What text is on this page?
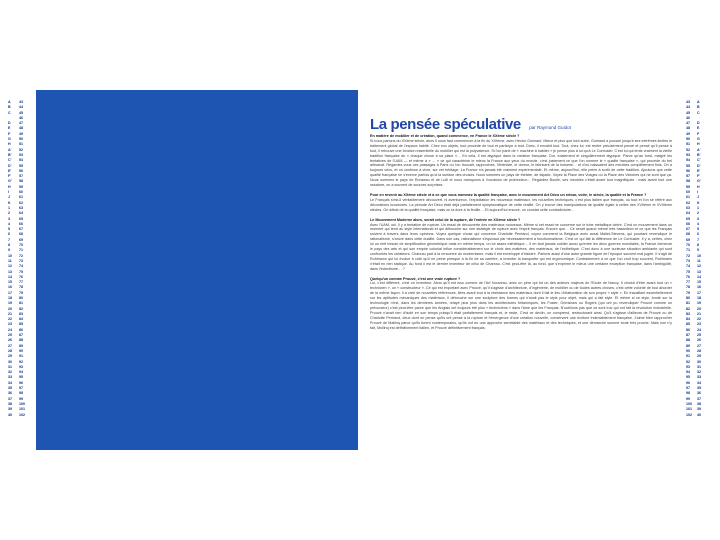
A	43
B	44
C	45
46
D	47
E	48
F	49
G	50
H	51
A'	52
B'	53
C'	54
D'	55
E'	56
F'	57
G'	58
H	59
I	60
J	61
K	62
1	63
2	64
3	65
4	66
5	67
6	68
7	69
8	70
9	71
10	72
11	73
12	74
13	75
14	76
15	77
16	78
17	79
18	80
19	81
20	82
21	83
22	84
23	85
24	86
25	87
26	88
27	89
28	90
29	91
30	92
31	93
32	94
33	95
34	96
35	97
36	98
37	99
38	100
39	101
40	102
43	A
44	B
45	C
46
47	D
48	E
49	F
50	G
51	H
52	A'
53	B'
54	C'
55	D'
56	E'
57	F'
58	G'
59	H
60	I
61	J
62	K
63	1
64	2
65	3
66	4
67	5
68	6
69	7
70	8
71	9
72	10
73	11
74	12
75	13
76	14
77	15
78	16
79	17
80	18
81	19
82	20
83	21
84	22
85	23
86	24
87	25
88	26
89	27
90	28
91	29
92	30
93	31
94	32
95	33
96	34
97	35
98	36
99	37
100	38
101	39
102	40
La pensée spéculative par Raymond Guidot
En matière de mobilier et de création, quand commence, en France le XXème siècle ?
Si nous parlons du XXème siècle, alors il nous faut commencer à la fin du XIXème, avec Hector Guimard. Mieux et plus que tout autre, Guimard a poussé jusqu'à ses extrêmes limites le traitement global de l'espace habité. Chez eux objets, tout procède de tout et participe à tout. Donc, il envahit tout. Tout, chez lui, est rentre précisément pensé et pensé qu'il pense à tout, il retrouve une fonction essentielle du mobilier qui est la polyvalence. Si l'on parle de « machine à habiter » je pense plus à lui qu'à Le Corbusier. C'est lui qui tente vraiment la vieille tradition française du « chaque chose à sa place »… En cela, il est atypique dans la création française. Dur, totalement et singulièrement atypique. Parce qu'au fond, malgré les tentatives de l'UAM — et même à « … » ce qui caractérise le mieux la France aux yeux du monde, c'est justement ce que l'on nomme le « qualité française », qui procède du bel artisanat. Regardez-vous ces passages à Paris où l'on trouvait, rapprochés, l'ébéniste, le doreur, le fabricant de la boiserie… et d'où naissaient des meubles complètement finis. On a toujours vécu, et on continue à vivre, sur cet héritage. La France n'a jamais été vraiment expérimentale. Et même, aujourd'hui, elle peine à sortir de cette tradition. Ajoutons que cette qualité française ne s'exerce parfois qu'à la surface des choses. Nous sommes un pays de théâtre, de façade. Voyez la Place des Vosges ou la Place des Victoires qui ne sont que ça. Nous sommes le pays de Ronseau et de Lulli et nous manquons à l'occasion de profondeur… Regardez Boulle, ses meubles c'était avant tout magnifiques : mais avant tout une ossature, on a souvent de sources surprises.
Pour en revenir au XXème siècle et à ce que vous nommez la qualité française, avec le mouvement Art Déco un retour, voire, le siècle, la qualité et la France ?
Le Français s'est-il véritablement découvert, ni aventureux, l'exploitation les nouveaux matériaux, les nouvelles techniques, c'est plus italien que français, ou tout et l'on se réfère aux décorations luxueuses. La période Art Déco était déjà parfaitement symptomatique de cette réalité. On y trouve des manipulations de qualité égale à celles des XVIIème et XVIIIème siècles. On débat de la qualité française, mais on la dore à la feuille… Et aujourd'hui encore, un constat cette contradictoire…
Le Mouvement Moderne alors, serait celui de la rupture, de l'entrée en XXème siècle ?
Avec l'UAM, oui, il y a tentative de rupture. Un essai de découverte des matériaux nouveaux. Même si cet essai ne concerne sur le tube métallique cintré. C'est un mouvement dans un moment qui tend au style international et qui débouche sur une stratégie de rupture avec l'esprit français. Encore que… Ce serait quand même très hasardeux et ce que les Français suivent à travers dans leurs opinions. Voyez quelque chose qui concerne Charlotte Perriand, voyez comment la Belgique avec aussi Mallet-Stevens, qui pourtant revendique le rationalisme, s'ancre dans cette dualité. Dans son cas, rationalisme s'équivaut par nécessairement à fonctionnalisme. C'est ce qui fait la différence de Le Corbusier. Il y a, certes, chez lui un réel besoin de simplification géométrique mais en même temps, un lot assez esthétique… Il en faut jamais oublier aussi qu'entre les deux guerres mondiales, la France demeure le pays des arts et qui son empire colonial influe considérablement sur le choix des matières, des matériaux, de l'esthétique. C'est donc à une curieuse situation ambiante qui sont confrontés les créateurs. Chareau part à la rencontre du modernisme, mais il est enveloppé d'histoire. Parlons aussi d'une autre grande figure de l'époque souvent mal jugée. Il s'agit de Ruhlmann qui lui évolue à côté qu'il ne peine presque à la fin de sa carrière, à inventer la banquette qui est ergonomique. Contrairement à ce que l'on croit trop souvent, Ruhlmann n'était en rien statique. Au fond il est le dernier inventeur de celui de Chareau. C'est peut-être là, au fond, que s'exprime le mieux une certaine exception française, dans l'ambiguïté, dans l'éclectisme… ?
Quelqu'un comme Prouvé, c'est une vraie rupture ?
Lui, c'est différent, c'est un inventeur. Alors qu'il est issu comme de l'Art Nouveau, avec un père qui fut un des acteurs majeurs de l'Ecole de Nancy. Il choisit d'être avant tout un « technicien », un « constructeur ». Ce qui est important avec Prouvé, qu'il s'agisse d'architecture, d'ingénierie, de mobilier ou de toutes autres choses, c'est cette volonté de tout aborder de la même façon. Il a créé de nouvelles références, liées avant tout à la résistance des matériaux dont il fait le lieu d'élaboration de son propre « style ». En travaillant essentiellement sur les aptitudes mécaniques des matériaux, il débouche sur une sculpture des formes qui n'avait pas le style pour objet, mais qui a fait style. Et même si ce style, fondé sur la technologie n'est, dans les dernières années, relayé plus plus dans les architectures britanniques, les Foster, Grimshaw ou Rogers (qui ont pu revendiquer Prouvé comme un précurseur) c'est peut-être parce que les Anglais ont toujours été plus « techniciens » dans l'âme que les Français. N'oublions pas que ce sont eux qui ont fait la révolution industrielle. Prouvé n'avait rien d'isolé en son temps puisqu'il était parfaitement français et, le reste, C'est ce déclin, on comprend, restructurant ainsi. Qu'il s'agisse d'ailleurs de Prouvé ou de Charlotte Perriand, deux dont on pense qu'ils ont pensé à la rupture et l'émergence d'une création nouvelle, conservent une écriture indéniablement française. J'aime bien rapprocher Prouvé de Mallinq parce qu'ils furent contemporains, qu'ils ont eu une approche semblable des matériaux et des techniques, et une démarche somme toute très proche. Mais non n'y fait, Mollinq est définitivement italien, et Prouvé définitivement français.
